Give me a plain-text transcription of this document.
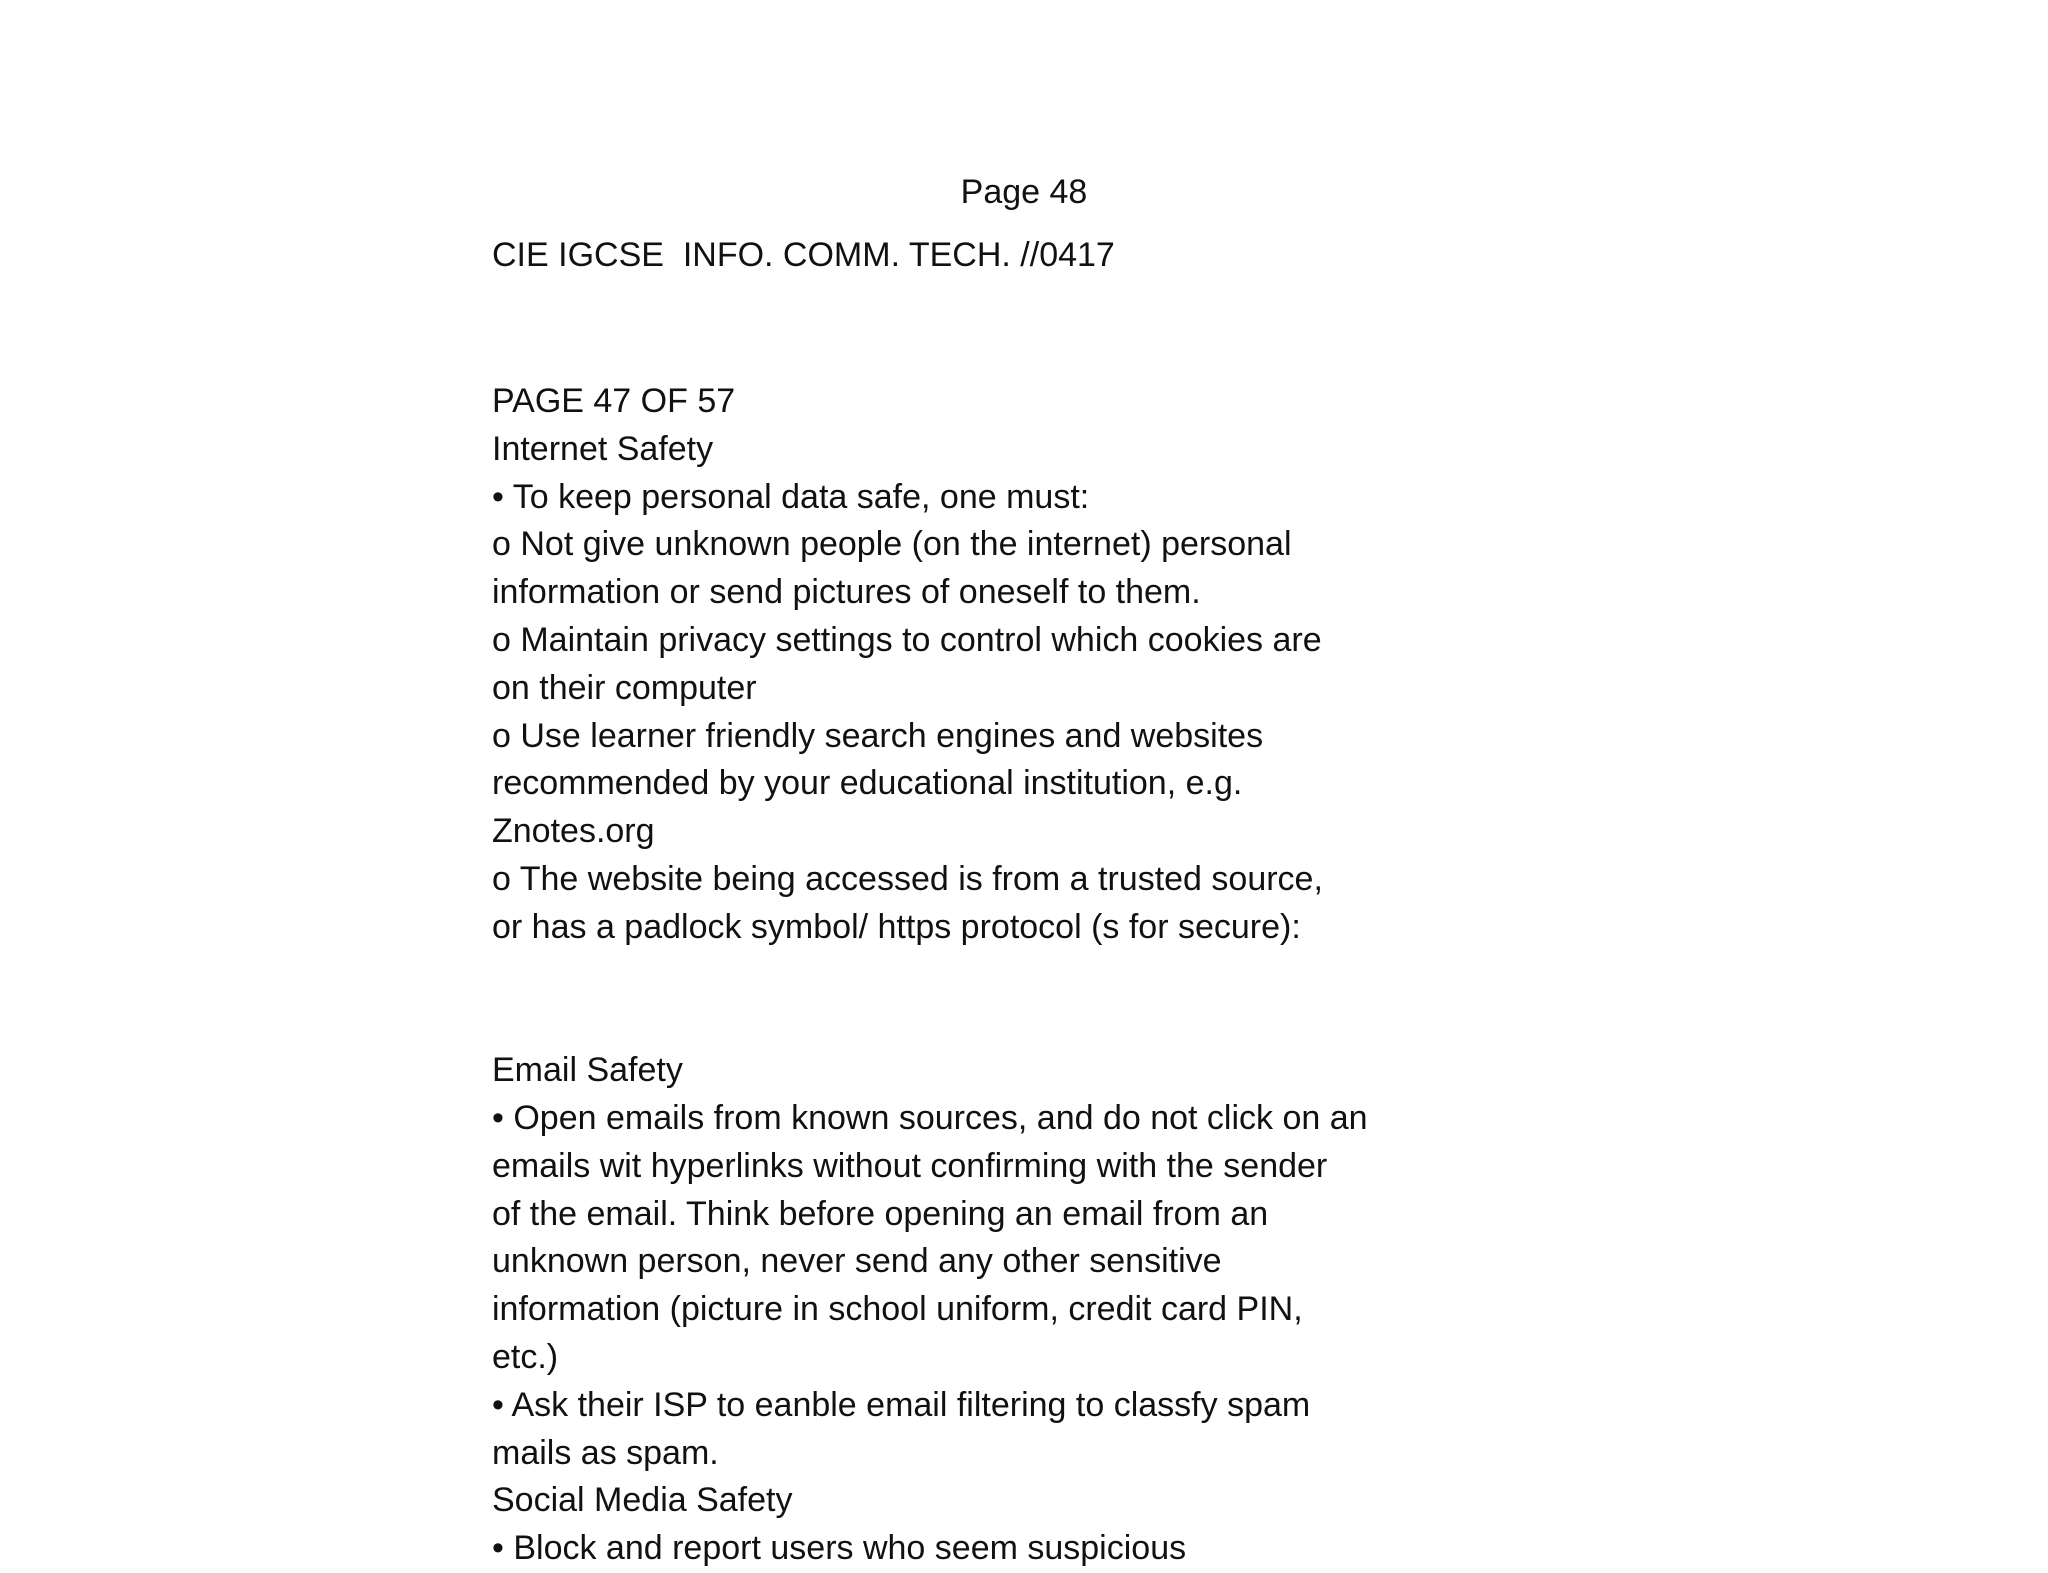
Page 48
CIE IGCSE  INFO. COMM. TECH. //0417
PAGE 47 OF 57
Internet Safety
• To keep personal data safe, one must:
o Not give unknown people (on the internet) personal
information or send pictures of oneself to them.
o Maintain privacy settings to control which cookies are
on their computer
o Use learner friendly search engines and websites
recommended by your educational institution, e.g.
Znotes.org
o The website being accessed is from a trusted source,
or has a padlock symbol/ https protocol (s for secure):
Email Safety
• Open emails from known sources, and do not click on an
emails wit hyperlinks without confirming with the sender
of the email. Think before opening an email from an
unknown person, never send any other sensitive
information (picture in school uniform, credit card PIN,
etc.)
• Ask their ISP to eanble email filtering to classfy spam
mails as spam.
Social Media Safety
• Block and report users who seem suspicious
